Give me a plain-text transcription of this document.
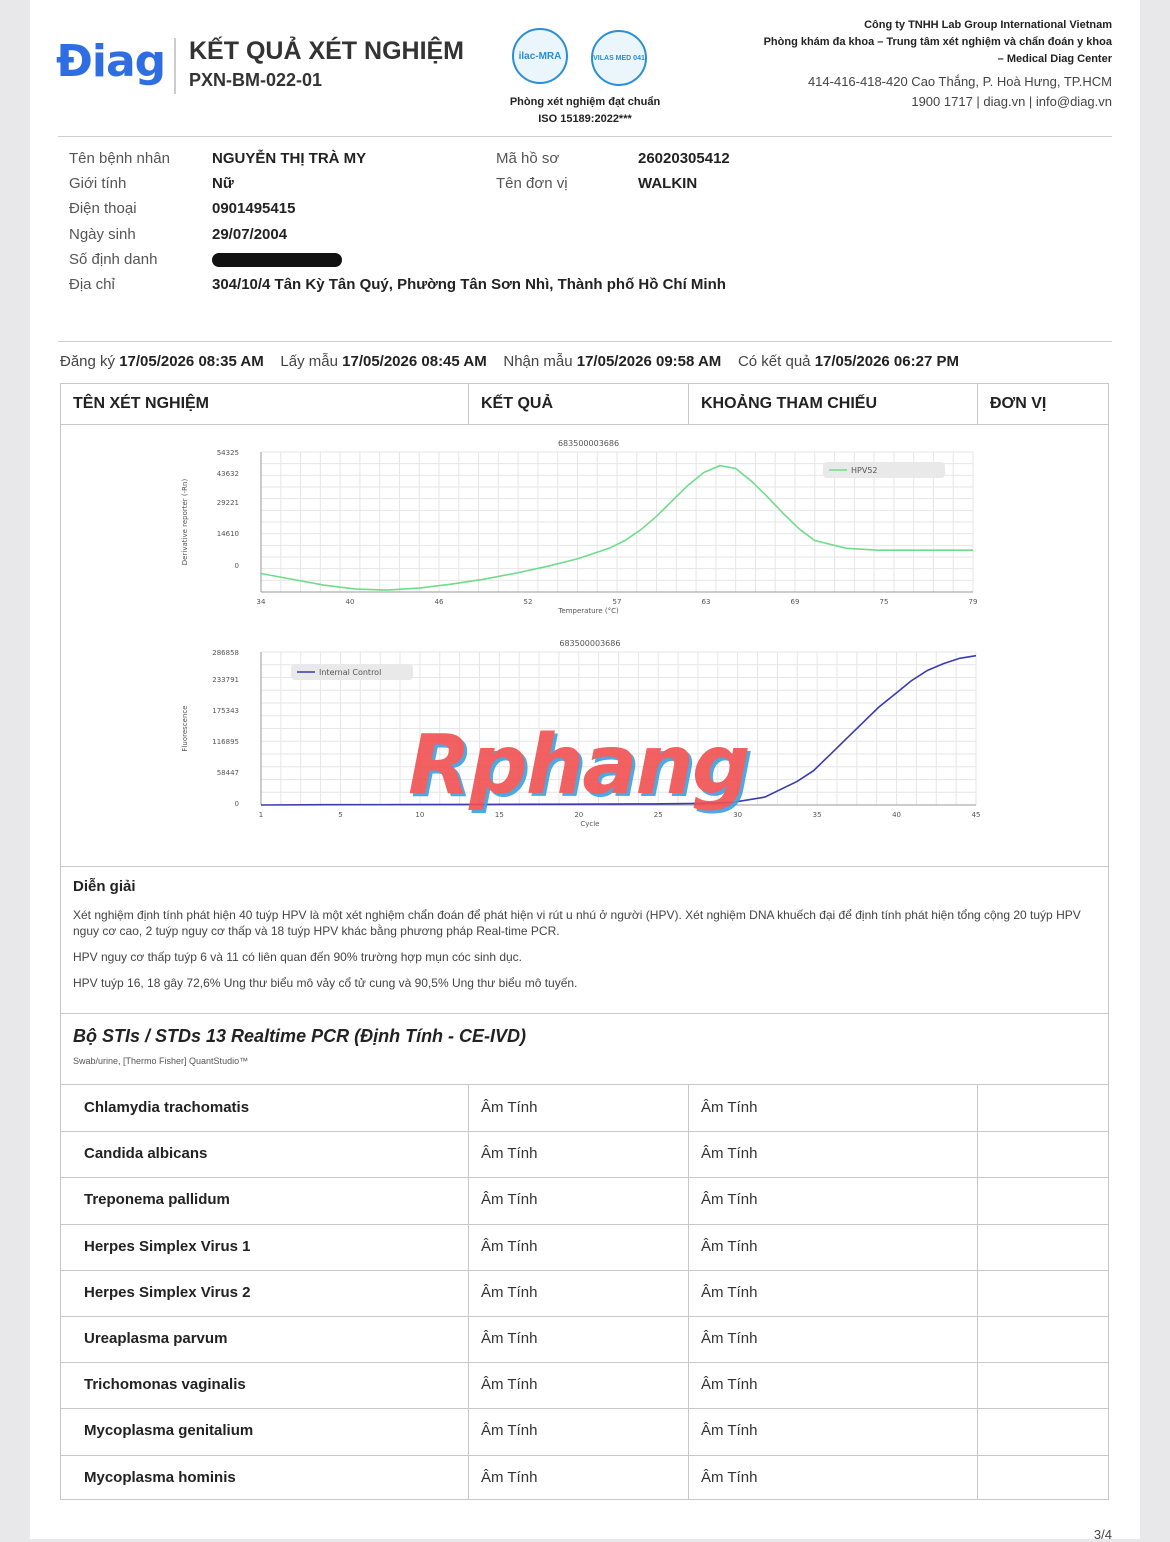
Điag KẾT QUẢ XÉT NGHIỆM
PXN-BM-022-01
ilac-MRA	VILAS MED 041
Phòng xét nghiệm đạt chuẩn
ISO 15189:2022***
Công ty TNHH Lab Group International Vietnam
Phòng khám đa khoa – Trung tâm xét nghiệm và chẩn đoán y khoa
– Medical Diag Center
414-416-418-420 Cao Thắng, P. Hoà Hưng, TP.HCM
1900 1717 | diag.vn | info@diag.vn
Tên bệnh nhân	NGUYỄN THỊ TRÀ MY
Giới tính	Nữ
Điện thoại	0901495415
Ngày sinh	29/07/2004
Số định danh
Địa chỉ	304/10/4 Tân Kỳ Tân Quý, Phường Tân Sơn Nhì, Thành phố Hồ Chí Minh
Mã hồ sơ	26020305412
Tên đơn vị	WALKIN
Đăng ký 17/05/2026 08:35 AM Lấy mẫu 17/05/2026 08:45 AM Nhận mẫu 17/05/2026 09:58 AM Có kết quả 17/05/2026 06:27 PM
TÊN XÉT NGHIỆM	KẾT QUẢ	KHOẢNG THAM CHIẾU	ĐƠN VỊ
683500003686
34	40	46	52	57	63	69	75	79
Temperature (°C)
54325
43632
29221
14610
0
Derivative reporter (-Rn)
HPV52
683500003686
1	5	10	15	20	25	30	35	40	45
Cycle
286858
233791
175343
116895
58447
0
Fluorescence
Internal Control
Diễn giải
Xét nghiệm định tính phát hiện 40 tuýp HPV là một xét nghiệm chẩn đoán để phát hiện vi rút u nhú ở người (HPV). Xét nghiệm DNA khuếch đại để định tính phát hiện tổng cộng 20 tuýp HPV nguy cơ cao, 2 tuýp nguy cơ thấp và 18 tuýp HPV khác bằng phương pháp Real-time PCR.
HPV nguy cơ thấp tuýp 6 và 11 có liên quan đến 90% trường hợp mụn cóc sinh dục.
HPV tuýp 16, 18 gây 72,6% Ung thư biểu mô vảy cổ tử cung và 90,5% Ung thư biểu mô tuyến.
Bộ STIs / STDs 13 Realtime PCR (Định Tính - CE-IVD)
Swab/urine, [Thermo Fisher] QuantStudio™
Chlamydia trachomatis	Âm Tính	Âm Tính
Candida albicans	Âm Tính	Âm Tính
Treponema pallidum	Âm Tính	Âm Tính
Herpes Simplex Virus 1	Âm Tính	Âm Tính
Herpes Simplex Virus 2	Âm Tính	Âm Tính
Ureaplasma parvum	Âm Tính	Âm Tính
Trichomonas vaginalis	Âm Tính	Âm Tính
Mycoplasma genitalium	Âm Tính	Âm Tính
Mycoplasma hominis	Âm Tính	Âm Tính
Rphang
3/4
